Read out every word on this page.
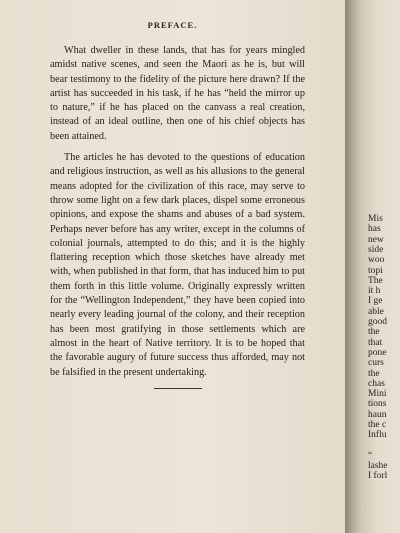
PREFACE.

What dweller in these lands, that has for years mingled amidst native scenes, and seen the Maori as he is, but will bear testimony to the fidelity of the picture here drawn? If the artist has succeeded in his task, if he has “held the mirror up to nature,” if he has placed on the canvass a real creation, instead of an ideal outline, then one of his chief objects has been attained.

The articles he has devoted to the questions of education and religious instruction, as well as his allusions to the general means adopted for the civilization of this race, may serve to throw some light on a few dark places, dispel some erroneous opinions, and expose the shams and abuses of a bad system. Perhaps never before has any writer, except in the columns of colonial journals, attempted to do this; and it is the highly flattering reception which those sketches have already met with, when published in that form, that has induced him to put them forth in this little volume. Originally expressly written for the “Wellington Independent,” they have been copied into nearly every leading journal of the colony, and their reception has been most gratifying in those settlements which are almost in the heart of Native territory. It is to be hoped that the favorable augury of future success thus afforded, may not be falsified in the present undertaking.

Mis
has
new
side
woo
topi
The
it h
I ge
able
good
the
that
pone
curs
the
chas
Mini
tions
haun
the c
Influ
“
lashe
I forl
